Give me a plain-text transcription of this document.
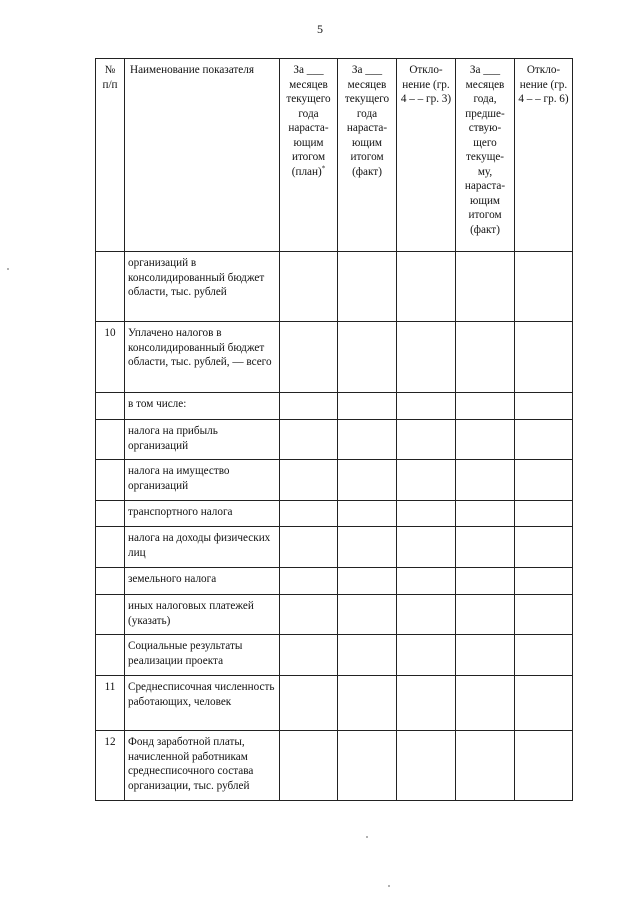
5
№ п/п	Наименование показателя	За ___ месяцев текущего года нараста-ющим итогом (план)*	За ___ месяцев текущего года нараста-ющим итогом (факт)	Откло-нение (гр. 4 – – гр. 3)	За ___ месяцев года, предше-ствую-щего текуще-му, нараста-ющим итогом (факт)	Откло-нение (гр. 4 – – гр. 6)
	организаций в консолидированный бюджет области, тыс. рублей					
10	Уплачено налогов в консолидированный бюджет области, тыс. рублей, — всего					
	в том числе:					
	налога на прибыль организаций					
	налога на имущество организаций					
	транспортного налога					
	налога на доходы физических лиц					
	земельного налога					
	иных налоговых платежей (указать)					
	Социальные результаты реализации проекта					
11	Среднесписочная численность работающих, человек					
12	Фонд заработной платы, начисленной работникам среднесписочного состава организации, тыс. рублей					
